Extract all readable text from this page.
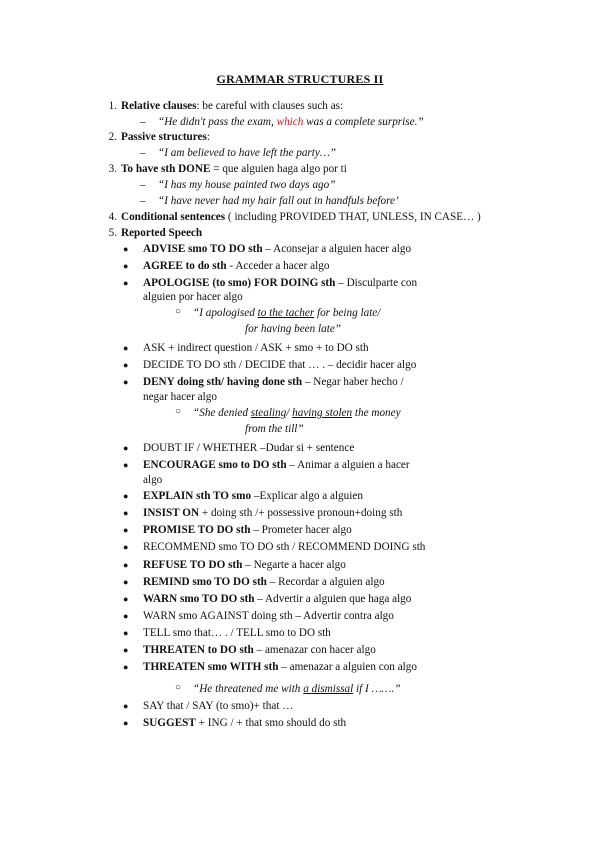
GRAMMAR STRUCTURES II
1. Relative clauses: be careful with clauses such as:
– “He didn't pass the exam, which was a complete surprise.”
2. Passive structures:
– “I am believed to have left the party…”
3. To have sth DONE = que alguien haga algo por ti
– “I has my house painted two days ago”
– “I have never had my hair fall out in handfuls before’
4. Conditional sentences ( including PROVIDED THAT, UNLESS, IN CASE… )
5. Reported Speech
● ADVISE smo TO DO sth – Aconsejar a alguien hacer algo
● AGREE to do sth - Acceder a hacer algo
● APOLOGISE (to smo) FOR DOING sth – Disculparte con
alguien por hacer algo
○ “I apologised to the tacher for being late/
for having been late”
● ASK + indirect question / ASK + smo + to DO sth
● DECIDE TO DO sth / DECIDE that … . – decidir hacer algo
● DENY doing sth/ having done sth – Negar haber hecho /
negar hacer algo
○ “She denied stealing/ having stolen the money
from the till”
● DOUBT IF / WHETHER –Dudar si + sentence
● ENCOURAGE smo to DO sth – Animar a alguien a hacer
algo
● EXPLAIN sth TO smo –Explicar algo a alguien
● INSIST ON + doing sth /+ possessive pronoun+doing sth
● PROMISE TO DO sth – Prometer hacer algo
● RECOMMEND smo TO DO sth / RECOMMEND DOING sth
● REFUSE TO DO sth – Negarte a hacer algo
● REMIND smo TO DO sth – Recordar a alguien algo
● WARN smo TO DO sth – Advertir a alguien que haga algo
● WARN smo AGAINST doing sth – Advertir contra algo
● TELL smo that… . / TELL smo to DO sth
● THREATEN to DO sth – amenazar con hacer algo
● THREATEN smo WITH sth – amenazar a alguien con algo
○ “He threatened me with a dismissal if I …….”
● SAY that / SAY (to smo)+ that …
● SUGGEST + ING / + that smo should do sth
